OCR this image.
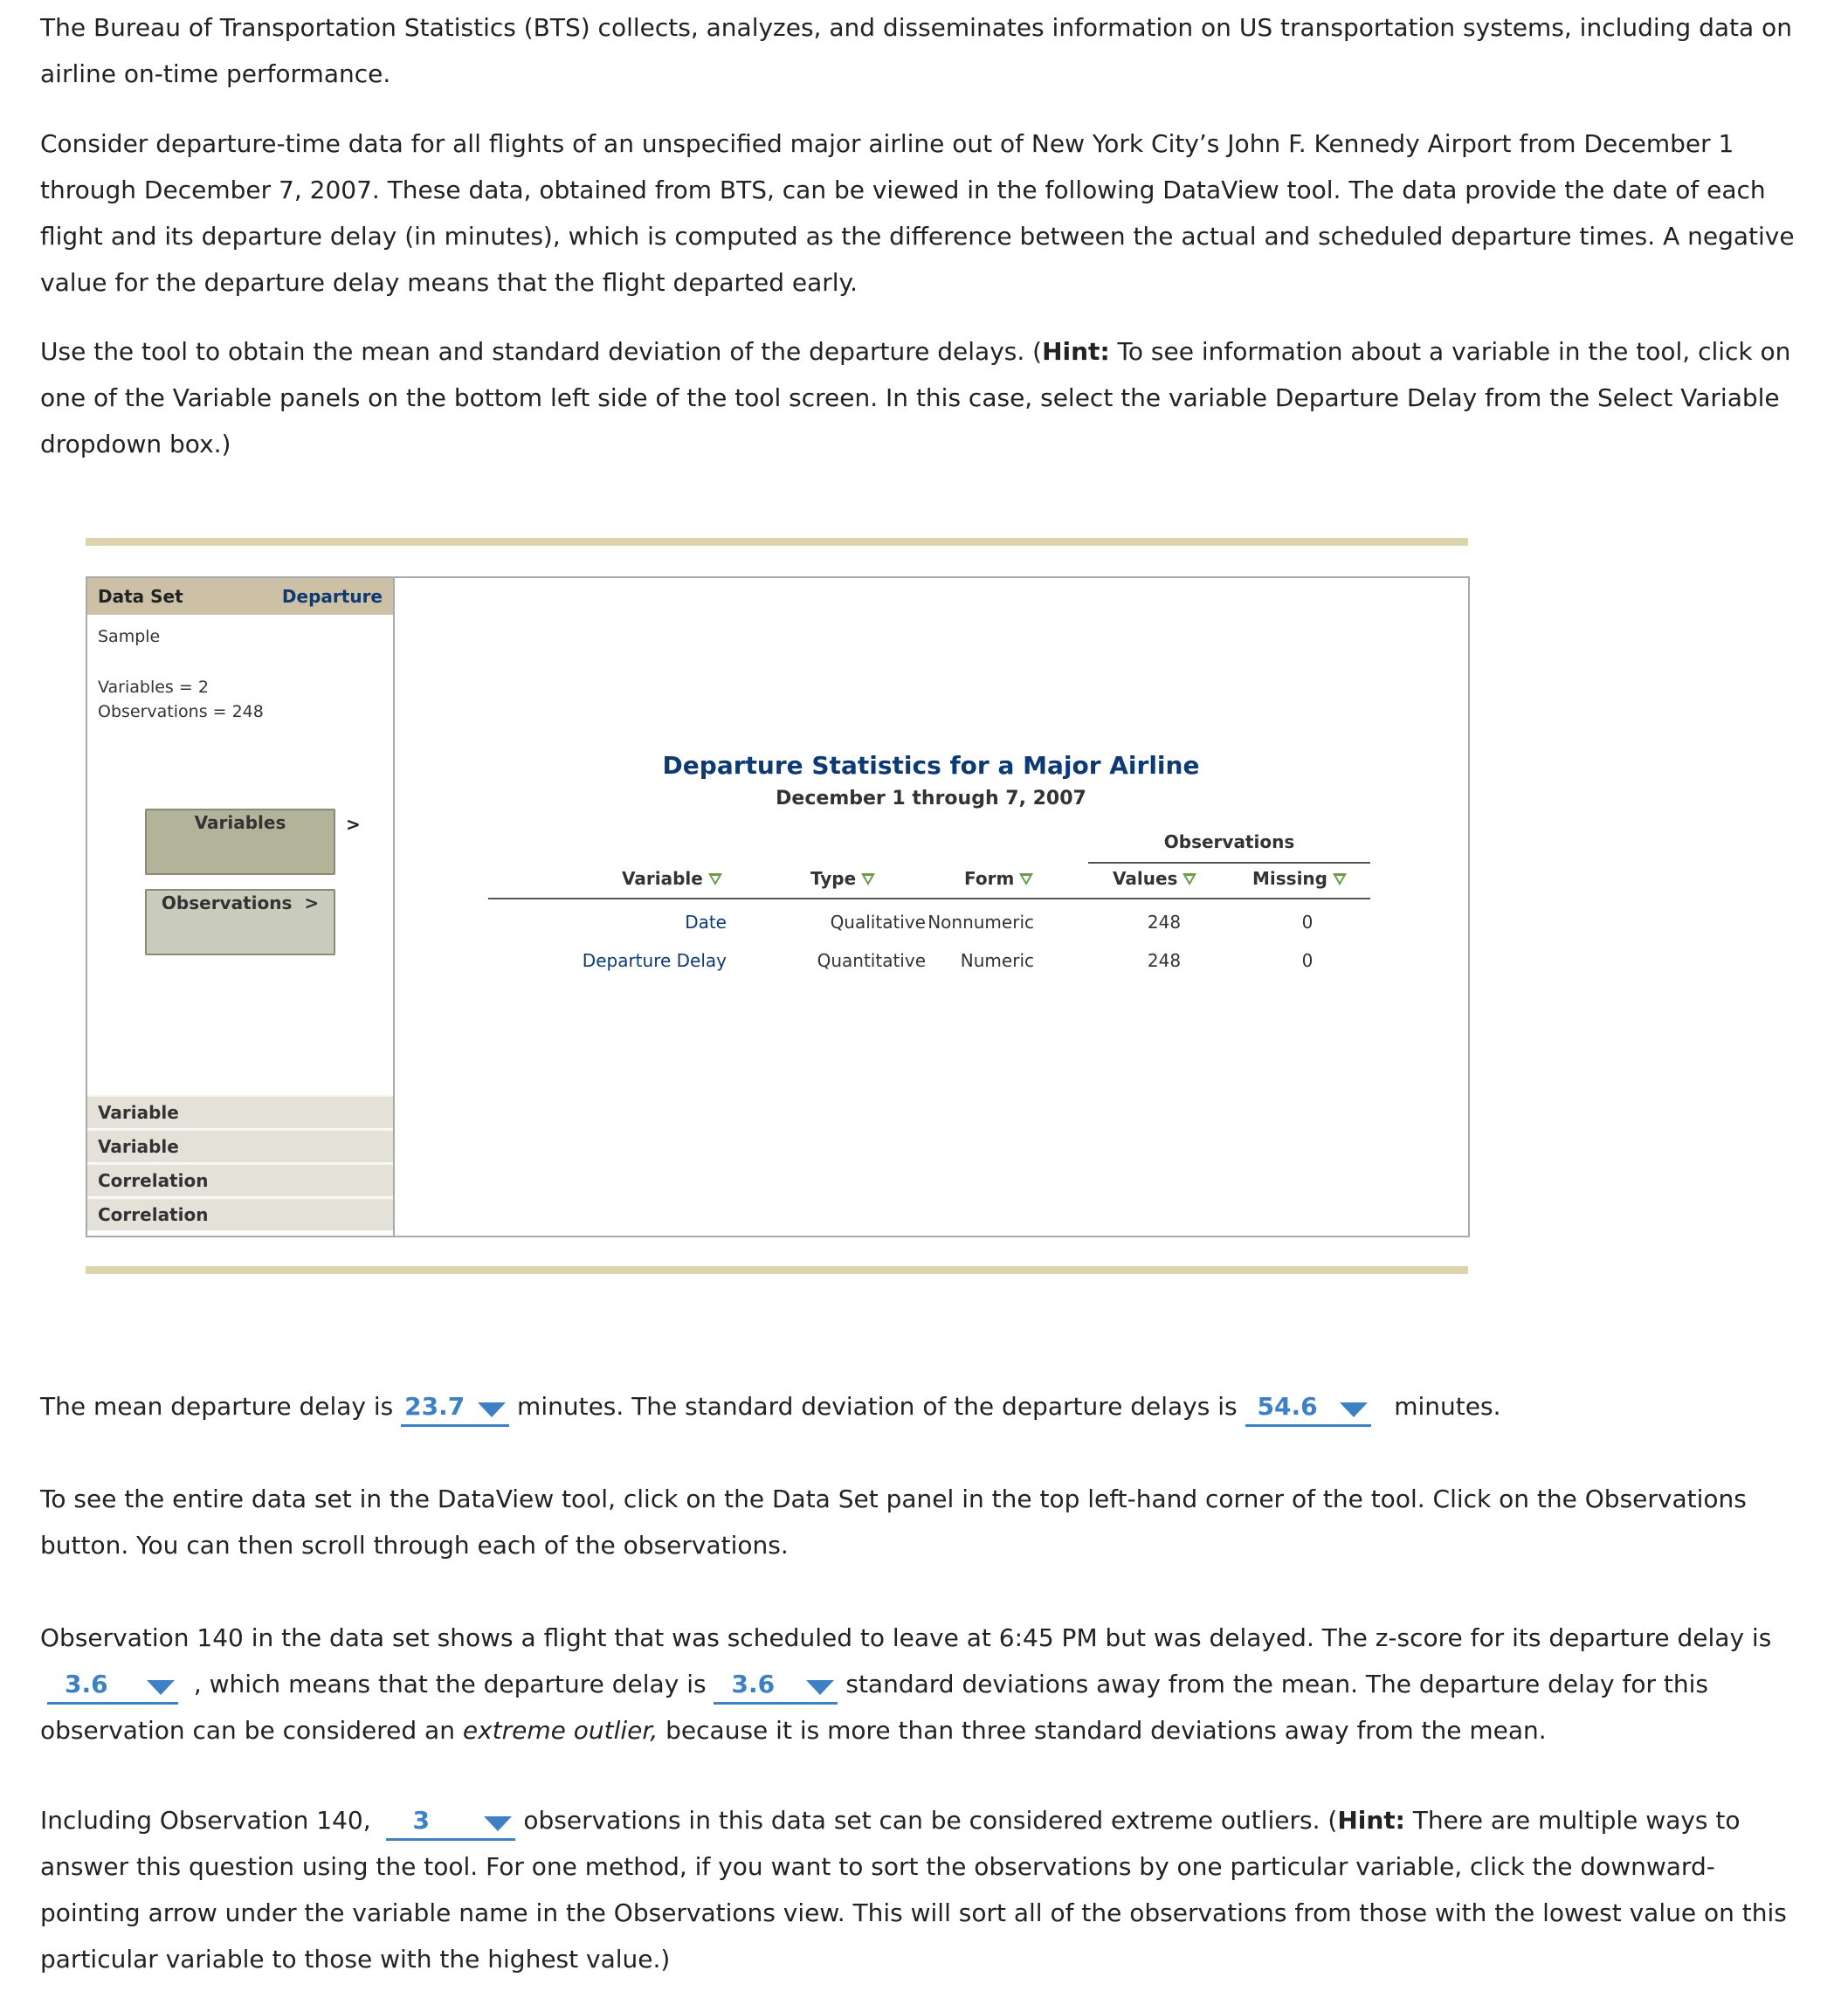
The Bureau of Transportation Statistics (BTS) collects, analyzes, and disseminates information on US transportation systems, including data on airline on-time performance.

Consider departure-time data for all flights of an unspecified major airline out of New York City’s John F. Kennedy Airport from December 1 through December 7, 2007. These data, obtained from BTS, can be viewed in the following DataView tool. The data provide the date of each flight and its departure delay (in minutes), which is computed as the difference between the actual and scheduled departure times. A negative value for the departure delay means that the flight departed early.

Use the tool to obtain the mean and standard deviation of the departure delays. (Hint: To see information about a variable in the tool, click on one of the Variable panels on the bottom left side of the tool screen. In this case, select the variable Departure Delay from the Select Variable dropdown box.)

Data Set	Departure
Sample
Variables = 2
Observations = 248
Variables	>
Observations >
Variable
Variable
Correlation
Correlation
Departure Statistics for a Major Airline
December 1 through 7, 2007
Observations
Variable	Type	Form	Values	Missing
Date	Qualitative Nonnumeric	248	0
Departure Delay	Quantitative Numeric	248	0

The mean departure delay is 23.7
minutes. The standard deviation of the departure delays is 54.6	minutes.

To see the entire data set in the DataView tool, click on the Data Set panel in the top left-hand corner of the tool. Click on the Observations button. You can then scroll through each of the observations.

Observation 140 in the data set shows a flight that was scheduled to leave at 6:45 PM but was delayed. The z-score for its departure delay is
3.6	, which means that the departure delay is 3.6	standard deviations away from the mean. The departure delay for this observation can be considered an extreme outlier, because it is more than three standard deviations away from the mean.

Including Observation 140,  3	observations in this data set can be considered extreme outliers. (Hint: There are multiple ways to answer this question using the tool. For one method, if you want to sort the observations by one particular variable, click the downward-pointing arrow under the variable name in the Observations view. This will sort all of the observations from those with the lowest value on this particular variable to those with the highest value.)
